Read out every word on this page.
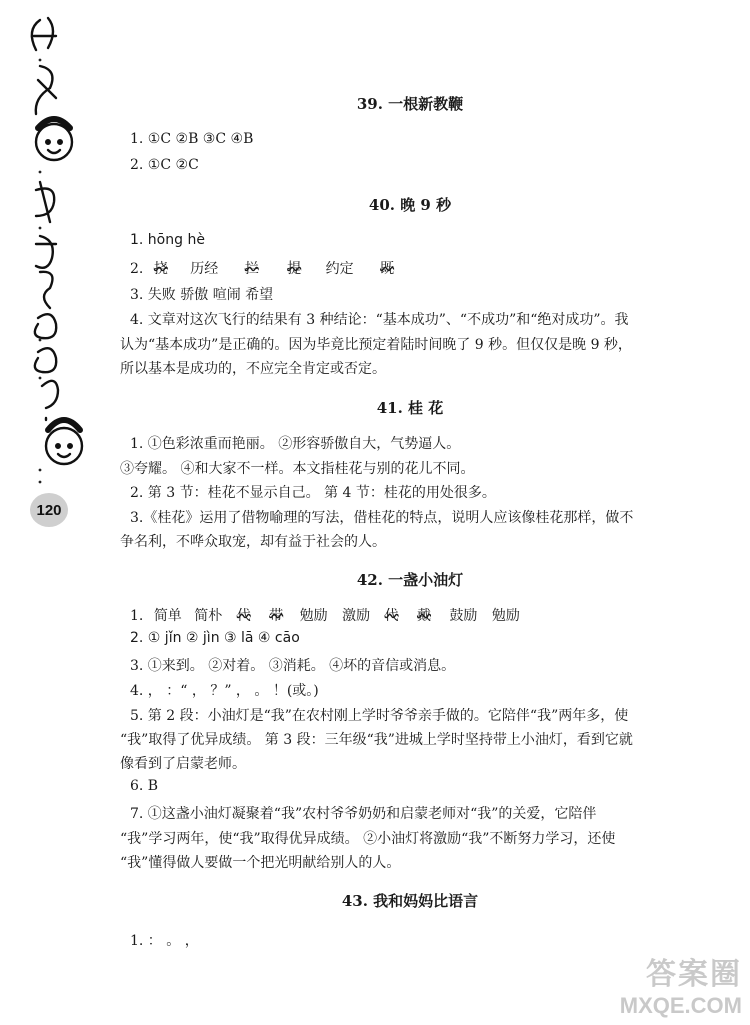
120
39. 一根新教鞭
1. ①C ②B ③C ④B
2. ①C ②C
40. 晚 9 秒
1. hōng hè
2. 挠 历经 拦 提 约定 既
3. 失败 骄傲 喧闹 希望
4. 文章对这次飞行的结果有 3 种结论：“基本成功”、“不成功”和“绝对成功”。我
认为“基本成功”是正确的。因为毕竟比预定着陆时间晚了 9 秒。但仅仅是晚 9 秒，
所以基本是成功的，不应完全肯定或否定。
41. 桂 花
1. ①色彩浓重而艳丽。 ②形容骄傲自大，气势逼人。
③夸耀。 ④和大家不一样。本文指桂花与别的花儿不同。
2. 第 3 节：桂花不显示自己。 第 4 节：桂花的用处很多。
3.《桂花》运用了借物喻理的写法，借桂花的特点，说明人应该像桂花那样，做不
争名利，不哗众取宠，却有益于社会的人。
42. 一盏小油灯
1. 简单 简朴 代 带 勉励 激励 代 戴 鼓励 勉励
2. ① jǐn ② jìn ③ lā ④ cāo
3. ①来到。 ②对着。 ③消耗。 ④坏的音信或消息。
4. ， ：“ ， ？” ， 。 ！(或。)
5. 第 2 段：小油灯是“我”在农村刚上学时爷爷亲手做的。它陪伴“我”两年多，使
“我”取得了优异成绩。 第 3 段：三年级“我”进城上学时坚持带上小油灯，看到它就
像看到了启蒙老师。
6. B
7. ①这盏小油灯凝聚着“我”农村爷爷奶奶和启蒙老师对“我”的关爱，它陪伴
“我”学习两年，使“我”取得优异成绩。 ②小油灯将激励“我”不断努力学习，还使
“我”懂得做人要做一个把光明献给别人的人。
43. 我和妈妈比语言
1. ： 。 ，
答案圈
MXQE.COM
